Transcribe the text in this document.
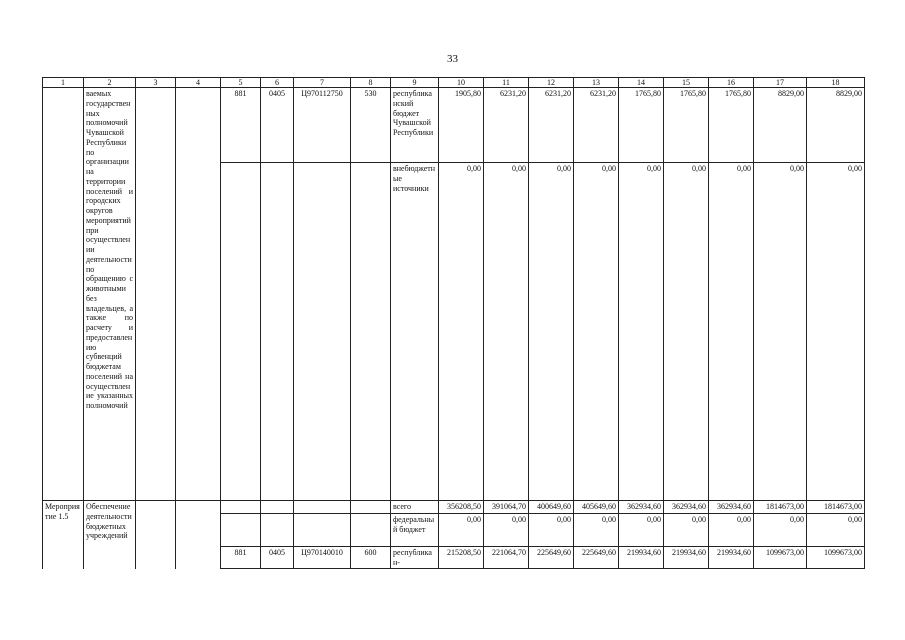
33
1	2	3	4	5	6	7	8	9	10	11	12	13	14	15	16	17	18
	ваемых государственных полномочий Чувашской Республики по организации на территории поселений и городских округов мероприятий при осуществлении деятельности по обращению с животными без владельцев, а также по расчету и предоставлению субвенций бюджетам поселений на осуществление указанных полномочий			881	0405	Ц970112750	530	республиканский бюджет Чувашской Республики	1905,80	6231,20	6231,20	6231,20	1765,80	1765,80	1765,80	8829,00	8829,00
								внебюджетные источники	0,00	0,00	0,00	0,00	0,00	0,00	0,00	0,00	0,00
Мероприятие 1.5	Обеспечение деятельности бюджетных учреждений							всего	356208,50	391064,70	400649,60	405649,60	362934,60	362934,60	362934,60	1814673,00	1814673,00
								федеральный бюджет	0,00	0,00	0,00	0,00	0,00	0,00	0,00	0,00	0,00
				881	0405	Ц970140010	600	республикан-	215208,50	221064,70	225649,60	225649,60	219934,60	219934,60	219934,60	1099673,00	1099673,00
